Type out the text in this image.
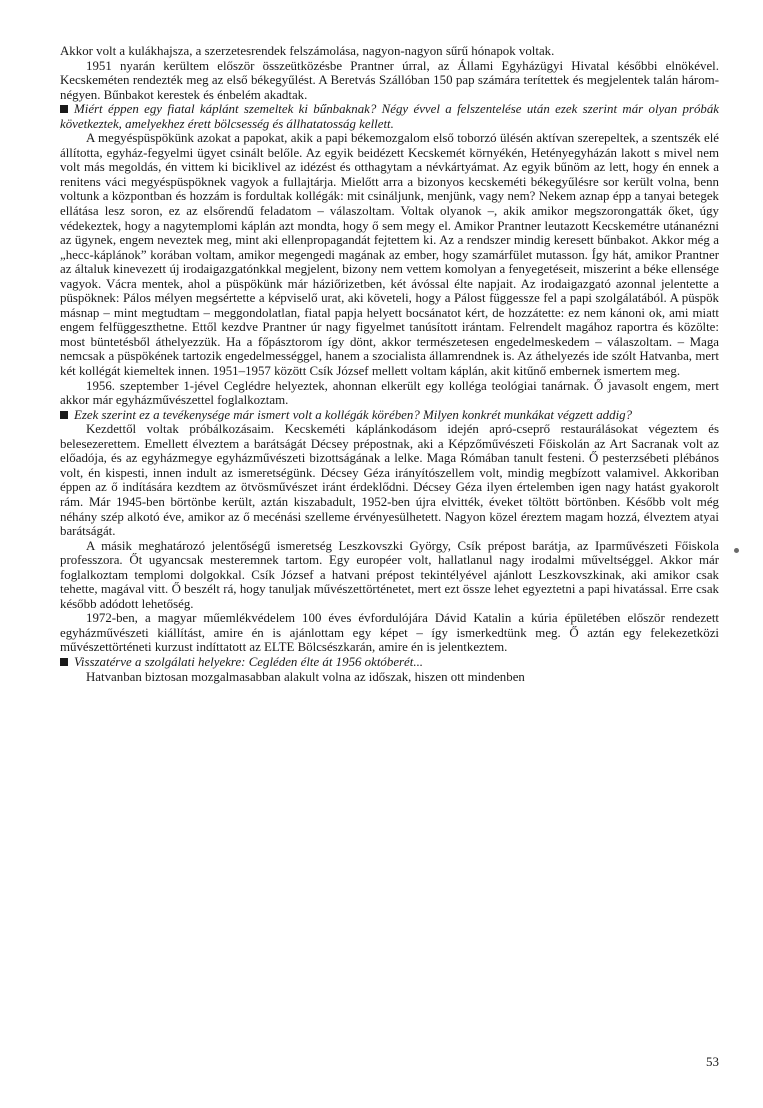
Akkor volt a kulákhajsza, a szerzetesrendek felszámolása, nagyon-nagyon sűrű hónapok voltak.

1951 nyarán kerültem először összeütközésbe Prantner úrral, az Állami Egyházügyi Hivatal későbbi elnökével. Kecskeméten rendezték meg az első békegyűlést. A Beretvás Szállóban 150 pap számára terítettek és megjelentek talán három-négyen. Bűnbakot kerestek és énbelém akadtak.

Miért éppen egy fiatal káplánt szemeltek ki bűnbaknak? Négy évvel a felszentelése után ezek szerint már olyan próbák következtek, amelyekhez érett bölcsesség és állhatatosság kellett.

A megyéspüspökünk azokat a papokat, akik a papi békemozgalom első toborzó ülésén aktívan szerepeltek, a szentszék elé állította, egyház-fegyelmi ügyet csinált belőle. Az egyik beidézett Kecskemét környékén, Hetényegyházán lakott s mivel nem volt más megoldás, én vittem ki biciklivel az idézést és otthagytam a névkártyámat. Az egyik bűnöm az lett, hogy én ennek a renitens váci megyéspüspöknek vagyok a fullajtárja. Mielőtt arra a bizonyos kecskeméti békegyűlésre sor került volna, benn voltunk a központban és hozzám is fordultak kollégák: mit csináljunk, menjünk, vagy nem? Nekem aznap épp a tanyai betegek ellátása lesz soron, ez az elsőrendű feladatom – válaszoltam. Voltak olyanok –, akik amikor megszorongatták őket, úgy védekeztek, hogy a nagytemplomi káplán azt mondta, hogy ő sem megy el. Amikor Prantner leutazott Kecskemétre utánanézni az ügynek, engem neveztek meg, mint aki ellenpropagandát fejtettem ki. Az a rendszer mindig keresett bűnbakot. Akkor még a „hecc-káplánok” korában voltam, amikor megengedi magának az ember, hogy szamárfület mutasson. Így hát, amikor Prantner az általuk kinevezett új irodaigazgatónkkal megjelent, bizony nem vettem komolyan a fenyegetéseit, miszerint a béke ellensége vagyok. Vácra mentek, ahol a püspökünk már háziőrizetben, két ávóssal élte napjait. Az irodaigazgató azonnal jelentette a püspöknek: Pálos mélyen megsértette a képviselő urat, aki követeli, hogy a Pálost függessze fel a papi szolgálatából. A püspök másnap – mint megtudtam – meggondolatlan, fiatal papja helyett bocsánatot kért, de hozzátette: ez nem kánoni ok, ami miatt engem felfüggeszthetne. Ettől kezdve Prantner úr nagy figyelmet tanúsított irántam. Felrendelt magához raportra és közölte: most büntetésből áthelyezzük. Ha a főpásztorom így dönt, akkor természetesen engedelmeskedem – válaszoltam. – Maga nemcsak a püspökének tartozik engedelmességgel, hanem a szocialista államrendnek is. Az áthelyezés ide szólt Hatvanba, mert két kollégát kiemeltek innen. 1951–1957 között Csík József mellett voltam káplán, akit kitűnő embernek ismertem meg.

1956. szeptember 1-jével Ceglédre helyeztek, ahonnan elkerült egy kolléga teológiai tanárnak. Ő javasolt engem, mert akkor már egyházművészettel foglalkoztam.

Ezek szerint ez a tevékenysége már ismert volt a kollégák körében? Milyen konkrét munkákat végzett addig?

Kezdettől voltak próbálkozásaim. Kecskeméti káplánkodásom idején apró-cseprő restaurálásokat végeztem és belesezerettem. Emellett élveztem a barátságát Décsey prépostnak, aki a Képzőművészeti Főiskolán az Art Sacranak volt az előadója, és az egyházmegye egyházművészeti bizottságának a lelke. Maga Rómában tanult festeni. Ő pesterzsébeti plébános volt, én kispesti, innen indult az ismeretségünk. Décsey Géza irányítószellem volt, mindig megbízott valamivel. Akkoriban éppen az ő indítására kezdtem az ötvösművészet iránt érdeklődni. Décsey Géza ilyen értelemben igen nagy hatást gyakorolt rám. Már 1945-ben börtönbe került, aztán kiszabadult, 1952-ben újra elvitték, éveket töltött börtönben. Később volt még néhány szép alkotó éve, amikor az ő mecénási szelleme érvényesülhetett. Nagyon közel éreztem magam hozzá, élveztem atyai barátságát.

A másik meghatározó jelentőségű ismeretség Leszkovszki György, Csík prépost barátja, az Iparművészeti Főiskola professzora. Őt ugyancsak mesteremnek tartom. Egy européer volt, hallatlanul nagy irodalmi műveltséggel. Akkor már foglalkoztam templomi dolgokkal. Csík József a hatvani prépost tekintélyével ajánlott Leszkovszkinak, aki amikor csak tehette, magával vitt. Ő beszélt rá, hogy tanuljak művészettörténetet, mert ezt össze lehet egyeztetni a papi hivatással. Erre csak később adódott lehetőség.

1972-ben, a magyar műemlékvédelem 100 éves évfordulójára Dávid Katalin a kúria épületében először rendezett egyházművészeti kiállítást, amire én is ajánlottam egy képet – így ismerkedtünk meg. Ő aztán egy felekezetközi művészettörténeti kurzust indíttatott az ELTE Bölcsészkarán, amire én is jelentkeztem.

Visszatérve a szolgálati helyekre: Cegléden élte át 1956 októberét...

Hatvanban biztosan mozgalmasabban alakult volna az időszak, hiszen ott mindenben

53
